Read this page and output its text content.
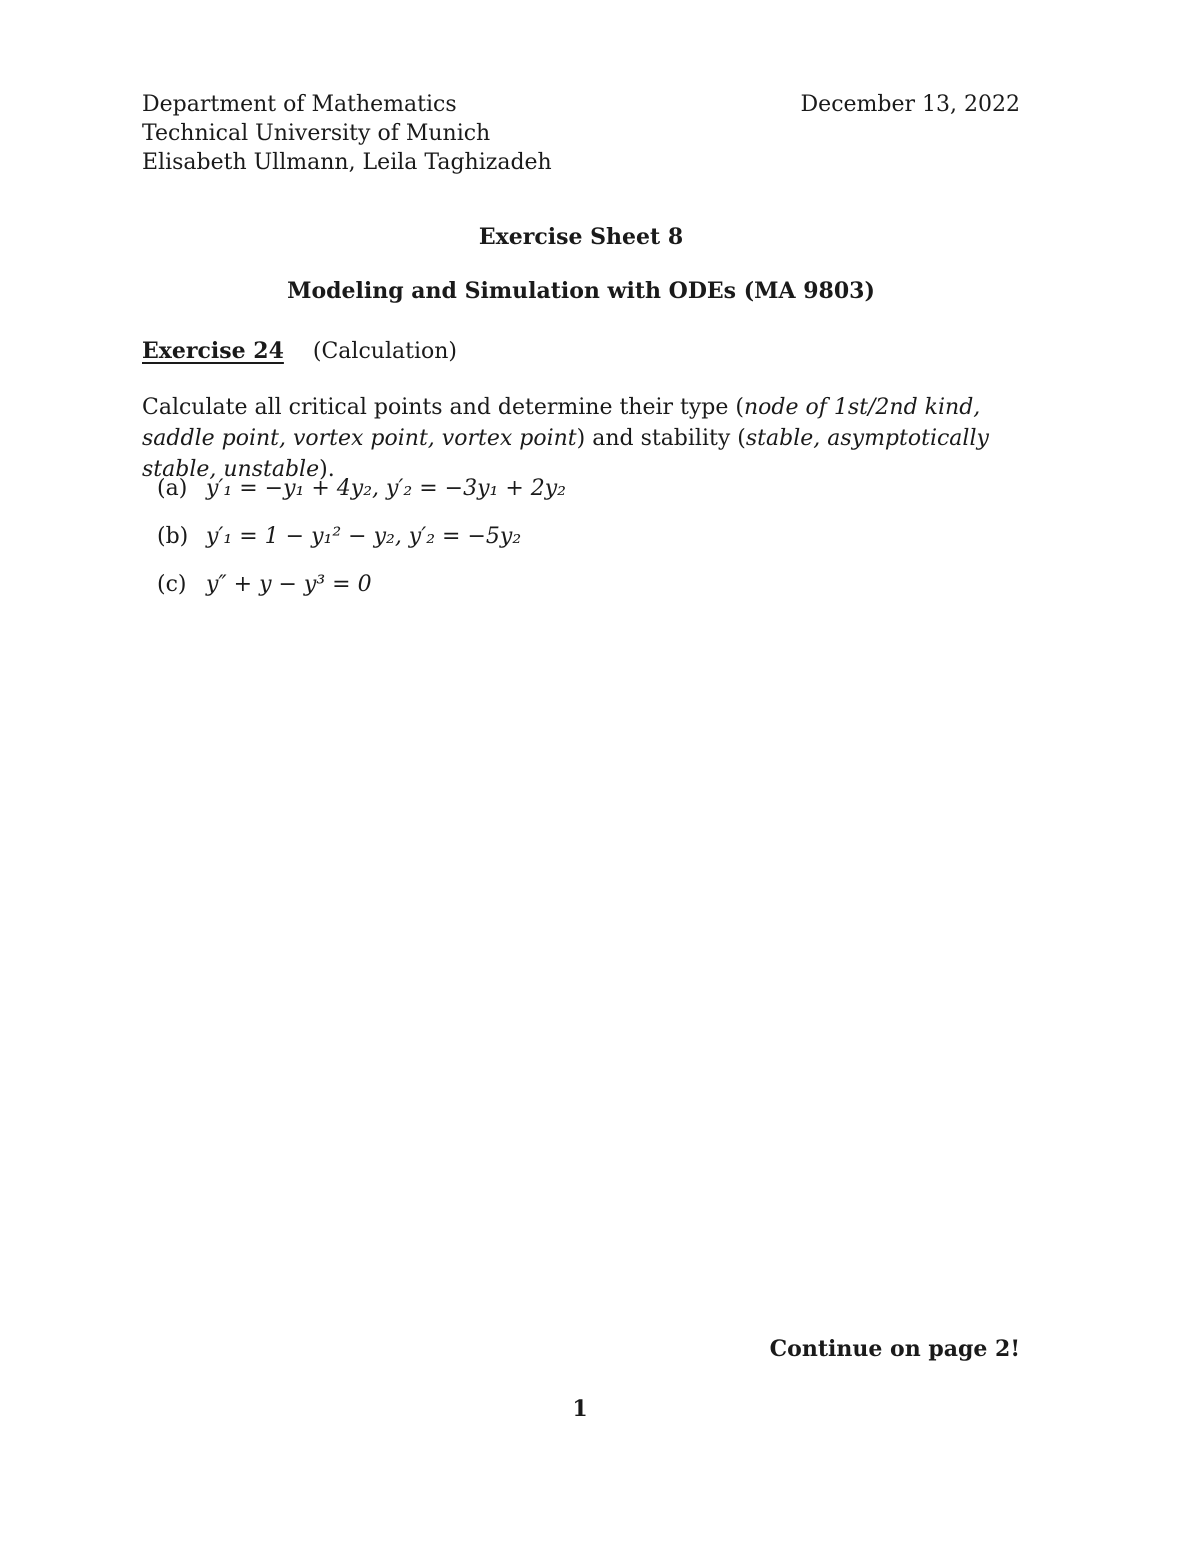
Department of Mathematics
Technical University of Munich
Elisabeth Ullmann, Leila Taghizadeh
December 13, 2022
Exercise Sheet 8
Modeling and Simulation with ODEs (MA 9803)
Exercise 24 (Calculation)
Calculate all critical points and determine their type (node of 1st/2nd kind, saddle point, vortex point, vortex point) and stability (stable, asymptotically stable, unstable).
(a) y′₁ = −y₁ + 4y₂, y′₂ = −3y₁ + 2y₂
(b) y′₁ = 1 − y₁² − y₂, y′₂ = −5y₂
(c) y″ + y − y³ = 0
Continue on page 2!
1
